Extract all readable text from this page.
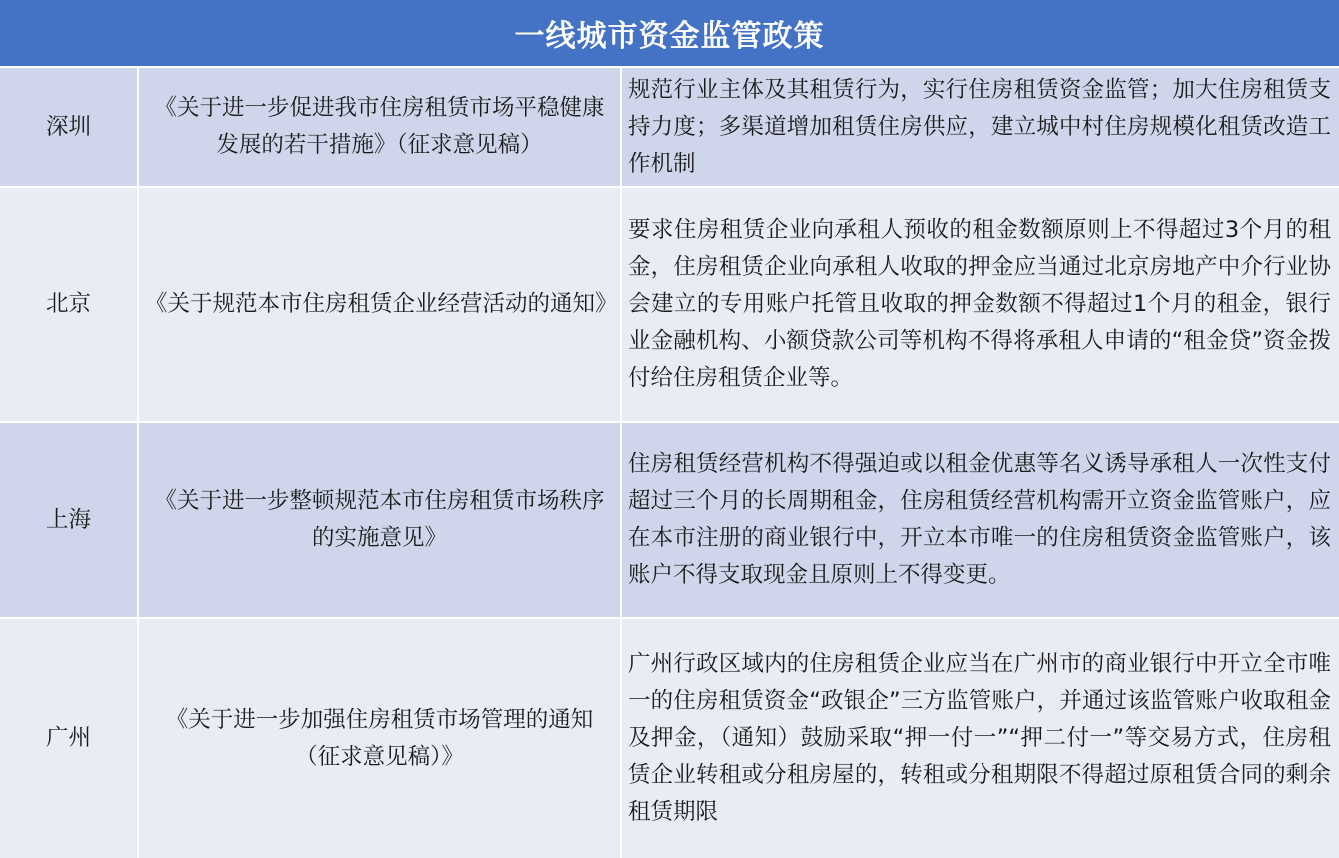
一线城市资金监管政策
深圳
《关于进一步促进我市住房租赁市场平稳健康发展的若干措施》（征求意见稿）
规范行业主体及其租赁行为，实行住房租赁资金监管；加大住房租赁支持力度；多渠道增加租赁住房供应，建立城中村住房规模化租赁改造工作机制
北京	《关于规范本市住房租赁企业经营活动的通知》
要求住房租赁企业向承租人预收的租金数额原则上不得超过3个月的租金，住房租赁企业向承租人收取的押金应当通过北京房地产中介行业协会建立的专用账户托管且收取的押金数额不得超过1个月的租金，银行业金融机构、小额贷款公司等机构不得将承租人申请的“租金贷”资金拨付给住房租赁企业等。
上海
《关于进一步整顿规范本市住房租赁市场秩序的实施意见》
住房租赁经营机构不得强迫或以租金优惠等名义诱导承租人一次性支付超过三个月的长周期租金，住房租赁经营机构需开立资金监管账户，应在本市注册的商业银行中，开立本市唯一的住房租赁资金监管账户，该账户不得支取现金且原则上不得变更。
广州
《关于进一步加强住房租赁市场管理的通知（征求意见稿）》
广州行政区域内的住房租赁企业应当在广州市的商业银行中开立全市唯一的住房租赁资金“政银企”三方监管账户，并通过该监管账户收取租金及押金，（通知）鼓励采取“押一付一”“押二付一”等交易方式，住房租赁企业转租或分租房屋的，转租或分租期限不得超过原租赁合同的剩余租赁期限
